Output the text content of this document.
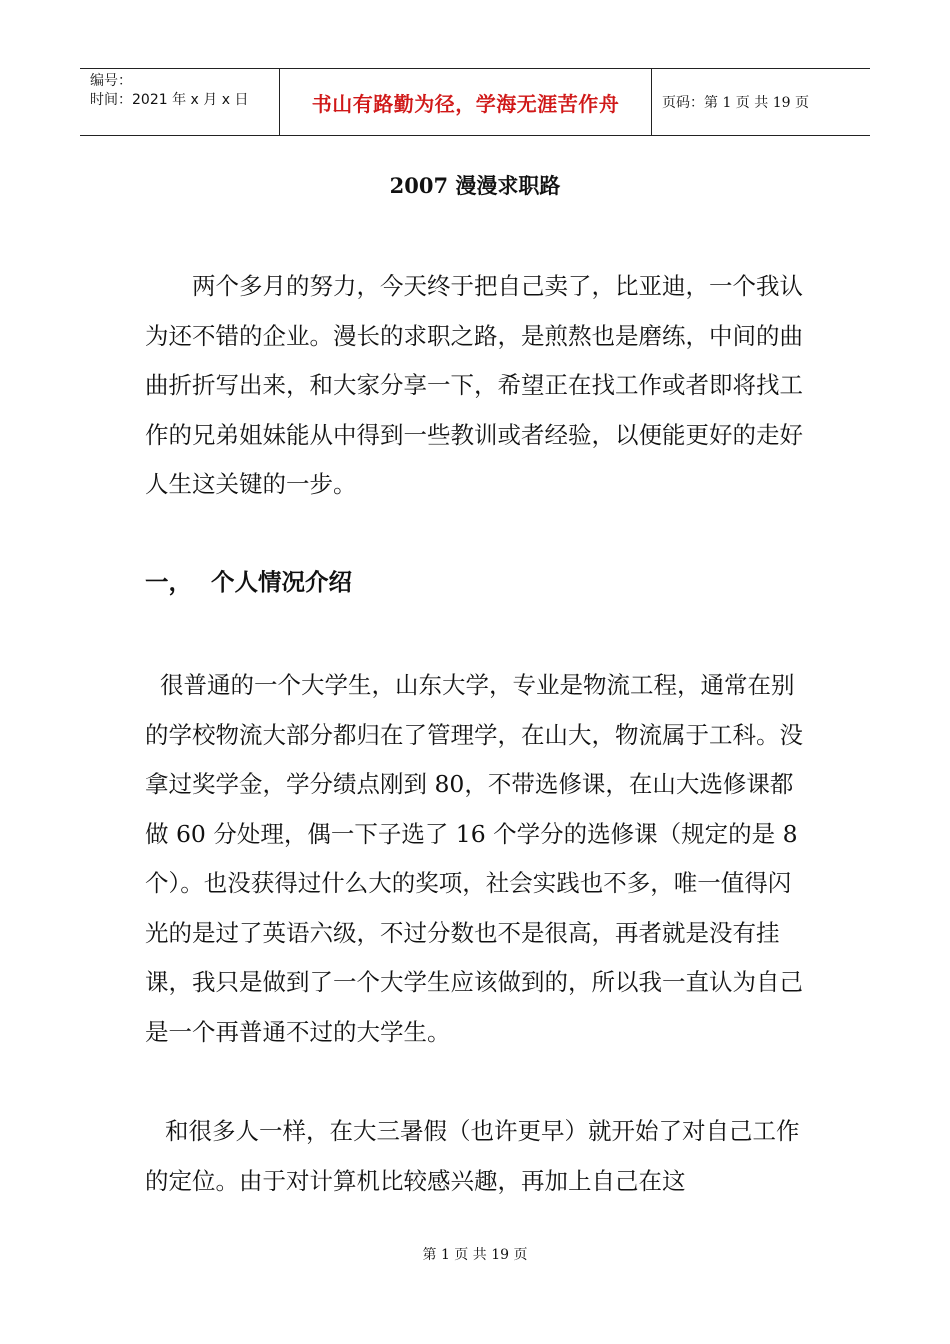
编号：
时间：2021 年 x 月 x 日	书山有路勤为径，学海无涯苦作舟	页码：第 1 页 共 19 页
2007 漫漫求职路
两个多月的努力，今天终于把自己卖了，比亚迪，一个我认为还不错的企业。漫长的求职之路，是煎熬也是磨练，中间的曲曲折折写出来，和大家分享一下，希望正在找工作或者即将找工作的兄弟姐妹能从中得到一些教训或者经验，以便能更好的走好人生这关键的一步。
一， 个人情况介绍
很普通的一个大学生，山东大学，专业是物流工程，通常在别的学校物流大部分都归在了管理学，在山大，物流属于工科。没拿过奖学金，学分绩点刚到 80，不带选修课，在山大选修课都做 60 分处理，偶一下子选了 16 个学分的选修课（规定的是 8 个）。也没获得过什么大的奖项，社会实践也不多，唯一值得闪光的是过了英语六级，不过分数也不是很高，再者就是没有挂课，我只是做到了一个大学生应该做到的，所以我一直认为自己是一个再普通不过的大学生。
和很多人一样，在大三暑假（也许更早）就开始了对自己工作的定位。由于对计算机比较感兴趣，再加上自己在这
第 1 页 共 19 页
